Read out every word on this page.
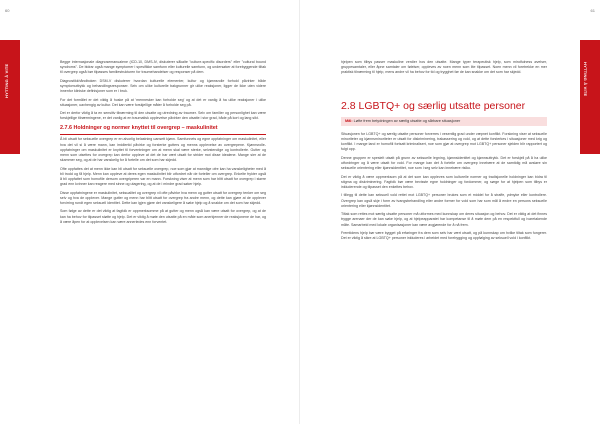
60
HYTTING Å VITE

Begge internasjonale diagnosemanualene (ICD-10, DMS-IV, diskuterer såkalte "culture-specific disorders" eller "cultural bound syndroms". De bidrar også mange symptomer i spesifikke samfunn eller kulturelle samfunn, og undersøker at forebyggende tiltak til overgrep også bør tilpasses familiestrukturen for traumehandelser og responser på dem.

Diagnostikkhåndboken DSM-V diskuterer hvordan kulturelle elementer, kultur og kjønnsrolle forhold påvirker både symptomuttrykk og behandlingsresponser. Selv om ulike kulturelle bakgrunner gir ulike reaksjoner, ligger de ikke uten videre innenfor kliniske definisjoner som er i bruk.

For det formålet er det viktig å huske på at 'mennesker kan forholde seg' og at det er vanlig å ha ulike reaksjoner i ulike situasjoner, uavhengig av kultur. Det kan være forskjellige måter å forholde seg på.

Det er derfor viktig å ta en sensitiv tilnærming til den utsatte og utredning av traumer. Selv om familier og personlighet kan være forskjellige tilnærmingene, er det vanlig at en traumatisk opplevelse påvirker den utsatte i stor grad, både på kort og lang sikt.

2.7.6 Holdninger og normer knyttet til overgrep – maskulinitet

Å bli utsatt for seksuelle overgrep er en alvorlig belastning uansett kjønn. Samfunnets og egne oppfatninger om maskulinitet, eller hva det vil si å være mann, kan imidlertid påvirke og forsterke gutters og menns opplevelse av overgrepene. Kjønnsrolle-oppfatninger om maskulinitet er knyttet til forventninger om at menn skal være sterke, selvstendige og kontrollerte. Gutter og menn som utsettes for overgrep kan derfor oppleve at det de har vært utsatt for strider mot disse idealene. Mange sier at de skammer seg, og at de har vanskelig for å fortelle om det som har skjedd.

Ofte oppfattes det at menn ikke kan bli utsatt for seksuelle overgrep, noe som gjør at mannlige ofre kan ha vanskeligheter med å bli trodd og få hjelp. Menn kan oppleve at deres egen maskulinitet blir utfordret når de forteller om overgrep. Enkelte frykter også å bli oppfattet som homofile dersom overgriperen var en mann. Forskning viser at menn som har blitt utsatt for overgrep i større grad enn kvinner kan reagere med sinne og utagering, og at de i mindre grad søker hjelp.

Disse oppfatningene er maskulinitet, seksualitet og overgrep vil ofte påvirke hva menn og gutter utsatt for overgrep tenker om seg selv og hva de opplever. Mange gutter og menn har blitt utsatt for overgrep fra andre menn, og dette kan gjøre at de opplever forvirring rundt egen seksuell identitet. Dette kan igjen gjøre det vanskeligere å søke hjelp og å snakke om det som har skjedd.

Som følge av dette er det viktig at fagfolk er oppmerksomme på at gutter og menn også kan være utsatt for overgrep, og at de kan ha behov for tilpasset støtte og hjelp. Det er viktig å møte den utsatte på en måte som anerkjenner de reaksjonene de har, og å være åpen for at opplevelsen kan være annerledes enn forventet.

61
HYTTING Å VITE

hjelpen som tilbys passer maskuline verdier hos den utsatte. Mange typer terapeutisk hjelp, som mindfulness øvelser, gruppesamtaler, eller åpne samtaler om følelser, oppleves av noen menn som lite tilpasset. Noen menn vil foretrekke en mer praktisk tilnærming til hjelp, mens andre vil ha behov for tid og trygghet før de kan snakke om det som har skjedd.

2.8 LGBTQ+ og særlig utsatte personer
Mål: Løfte frem betydningen av særlig utsatte og sårbare situasjoner

Situasjonen for LGBTQ+ og særlig utsatte personer forverres i vesentlig grad under væpnet konflikt. Forskning viser at seksuelle minoriteter og kjønnsminoriteter er utsatt for diskriminering, trakassering og vold, og at dette forsterkes i situasjoner med krig og konflikt. I mange land er homofili fortsatt kriminalisert, noe som gjør at overgrep mot LGBTQ+ personer sjelden blir rapportert og fulgt opp.

Denne gruppen er spesielt utsatt på grunn av seksuelle legning, kjønnsidentitet og kjønnsuttrykk. Det er forskjell på å ha ulike utfordringer og å være utsatt for vold. For mange kan det å fortelle om overgrep innebære at de samtidig må avsløre sin seksuelle orientering eller kjønnsidentitet, noe som i seg selv kan innebære risiko.

Det er viktig å være oppmerksom på at det som kan oppleves som kulturelle normer og tradisjonelle holdninger kan bidra til stigma og diskriminering. Fagfolk bør være bevisste egne holdninger og fordommer, og sørge for at hjelpen som tilbys er inkluderende og tilpasset den enkeltes behov.

I tillegg til dette kan seksuell vold rettet mot LGBTQ+ personer brukes som et middel for å straffe, ydmyke eller kontrollere. Overgrep kan også skje i form av tvangsbehandling eller andre former for vold som har som mål å endre en persons seksuelle orientering eller kjønnsidentitet.

Tiltak som rettes mot særlig utsatte personer må utformes med kunnskap om deres situasjon og behov. Det er viktig at det finnes trygge arenaer der de kan søke hjelp, og at hjelpeapparatet har kompetanse til å møte dem på en respektfull og ivaretakende måte. Samarbeid med lokale organisasjoner kan være avgjørende for å nå frem.

Fremtidens hjelp bør være bygget på erfaringer fra dem som selv har vært utsatt, og på kunnskap om hvilke tiltak som fungerer. Det er viktig å sikre at LGBTQ+ personer inkluderes i arbeidet med forebygging og oppfølging av seksuell vold i konflikt.
